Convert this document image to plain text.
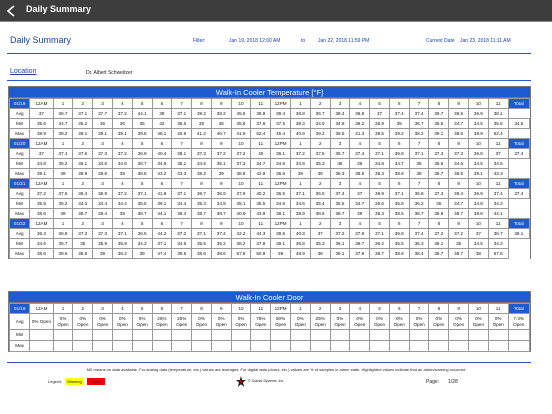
Daily Summary
Daily Summary	Filter:	Jan 19, 2018 12:00 AM	to	Jan 22, 2018 11:59 PM	Current Date Jan 23, 2018 11:11 AM
Location	Dr. Albert Schweitzer
Walk-In Cooler Temperature [°F]
01/19	12AM	1	2	3	4	5	6	7	8	9	10	11	12PM	1	2	3	4	5	6	7	8	9	10	11	Total
Avg	37	36.7	37.1	37.7	37.2	44.1	39	37.1	39.2	38.2	45.5	39.8	39.4	36.8	36.7	38.4	36.8	37	37.4	37.4	36.7	36.5	36.9	38.1	
Min	35.6	34.7	35.2	36	36	35	42	35.6	35	36	35.6	37.6	37.5	38.3	34.9	34.9	36.2	35.9	35	36.7	35.5	34.7	34.5	35.6	34.5
Max	38.9	38.2	39.1	39.1	39.1	39.8	46.1	40.8	41.2	46.7	41.9	52.4	45.4	40.6	39.2	38.5	41.3	38.6	39.2	38.2	39.1	38.6	38.9	52.4	
01/20	12AM	1	2	3	4	5	6	7	8	9	10	11	12PM	1	2	3	4	5	6	7	8	9	10	11	Total
Avg	37	37.1	37.6	37.3	37.2	36.9	40.4	38.1	37.3	37.2	37.2	40	36.1	37.2	37.5	36.7	37.4	37.1	36.8	37.1	37.3	37.3	36.6	37	37.4
Min	34.8	35.2	36.1	34.6	34.6	36.7	34.9	35.1	34.5	35.1	37.3	34.7	34.6	34.9	35.3	36	36	34.8	34.7	36	35.6	34.6	34.5	34.5	
Max	39.1	39	38.9	38.6	39	38.8	43.2	43.3	38.2	39	38.8	42.9	36.6	39	39	38.3	38.6	38.3	38.8	39	38.7	38.5	39.1	43.3	
01/21	12AM	1	2	3	4	5	6	7	8	9	10	11	12PM	1	2	3	4	5	6	7	8	9	10	11	Total
Avg	37.2	37.5	36.4	36.9	37.2	37.1	41.9	37.1	36.7	36.9	37.9	40.2	36.5	37.1	36.5	37.4	37	36.9	37.1	36.8	37.3	36.4	36.9	37.4	37.4
Min	35.9	35.2	34.3	34.4	34.4	35.5	39.1	34.4	35.3	34.9	35.1	35.5	34.6	34.6	35.4	35.5	34.7	35.6	35.8	35.2	35	34.7	34.8	34.3	
Max	38.6	39	38.7	38.4	39	38.7	44.1	38.4	38.7	38.7	40.9	43.9	38.1	38.9	38.6	38.7	39	38.3	38.5	38.7	38.8	38.7	38.8	44.1	
01/22	12AM	1	2	3	4	5	6	7	8	9	10	11	12PM	1	2	3	4	5	6	7	8	9	10	11	Total
Avg	36.3	36.9	37.3	37.3	37.1	36.5	44.2	37.2	37.1	37.4	42.2	44.3	38.6	40.3	37	37.2	37.9	37.1	36.8	37.4	37.2	37.2	37	36.7	38.1
Min	34.6	35.7	35	35.9	35.9	34.3	37.1	34.9	35.5	35.2	36.2	37.9	38.1	35.8	35.3	36.1	36.7	36.2	35.5	35.3	36.1	35	34.5	34.3	
Max	38.6	38.6	38.8	39	38.2	39	47.4	39.5	38.6	38.6	57.8	50.9	39	48.9	38	39.1	37.9	38.7	38.8	38.4	38.7	38.7	38	57.8	
Walk-In Cooler Door
01/19	12AM	1	2	3	4	5	6	7	8	9	10	11	12PM	1	2	3	4	5	6	7	8	9	10	11	Total
Avg	0% Open	0% Open	0% Open	0% Open	0% Open	0% Open	25% Open	25% Open	0% Open	0% Open	0% Open	75% Open	50% Open	0% Open	25% Open	0% Open	0% Open	0% Open	0% Open	0% Open	0% Open	0% Open	0% Open	0% Open	7.3% Open
Min																									
Max																									
ND means no data available. For analog data (temperature, etc.) values are averages. For digital data (doors, etc.) values are % of samples in alarm state. Highlighted values indicate that an alarm/warning occurred
Legend	Warning	Alarm	© Sushal Systems, Inc.	Page: 1/28
